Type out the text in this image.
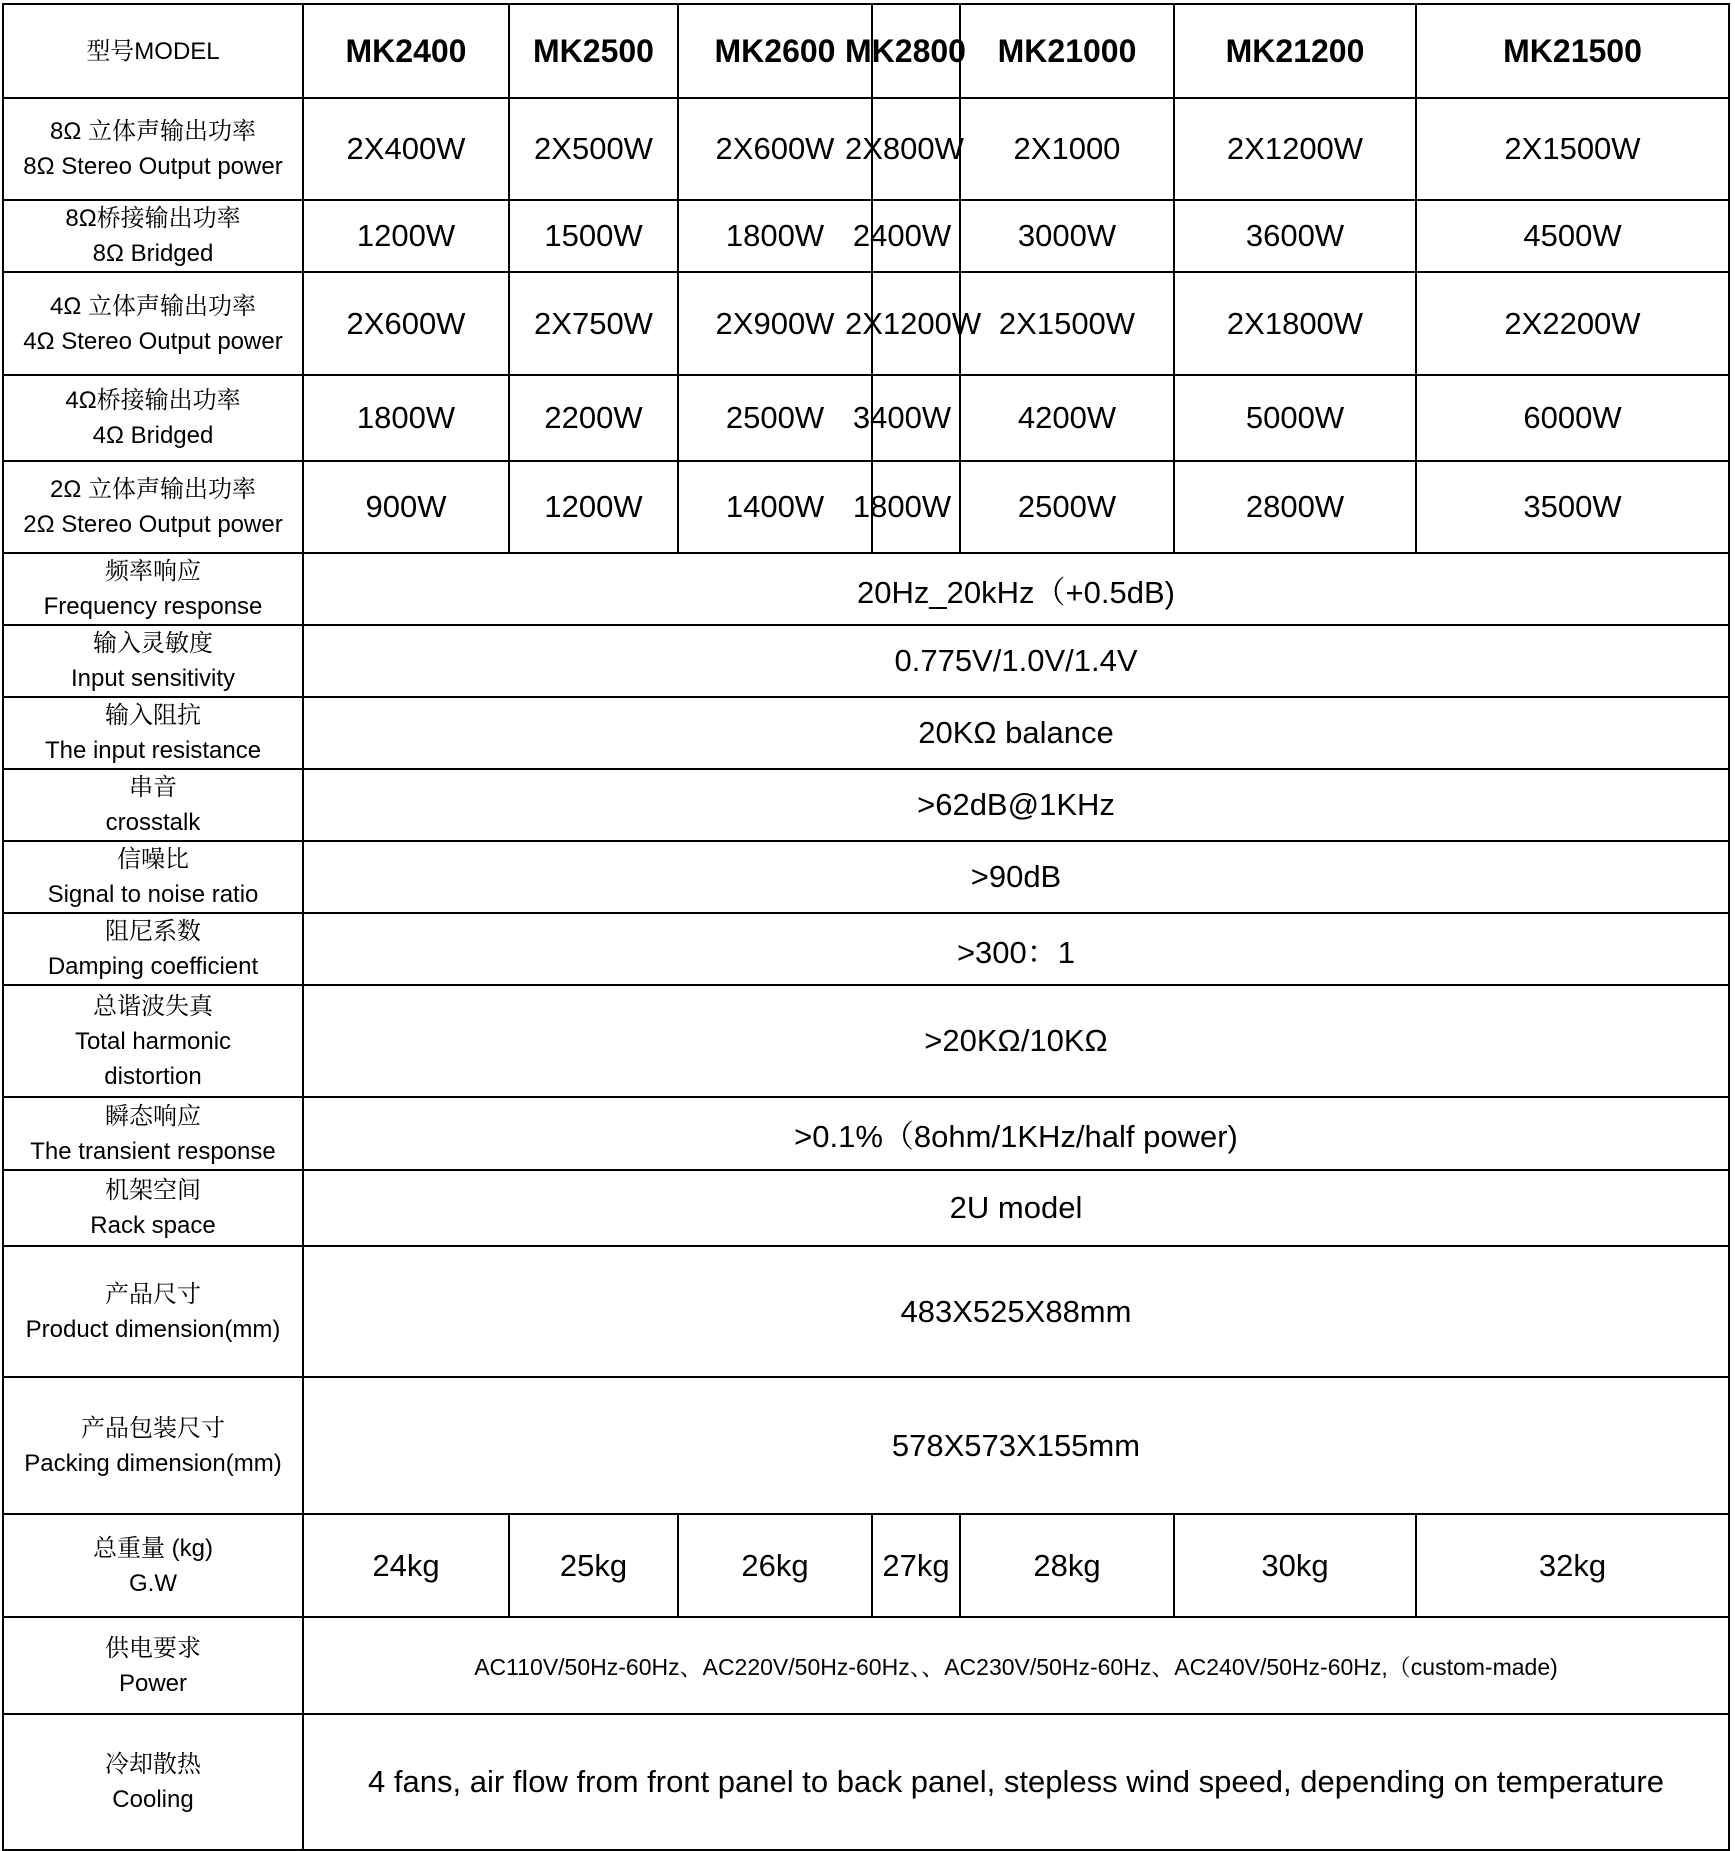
型号MODEL	MK2400	MK2500	MK2600	MK2800	MK21000	MK21200	MK21500

8Ω 立体声输出功率
8Ω Stereo Output power	2X400W	2X500W	2X600W	2X800W	2X1000	2X1200W	2X1500W

8Ω桥接输出功率
8Ω Bridged	1200W	1500W	1800W	2400W	3000W	3600W	4500W

4Ω 立体声输出功率
4Ω Stereo Output power	2X600W	2X750W	2X900W	2X1200W	2X1500W	2X1800W	2X2200W

4Ω桥接输出功率
4Ω Bridged	1800W	2200W	2500W	3400W	4200W	5000W	6000W

2Ω 立体声输出功率
2Ω Stereo Output power	900W	1200W	1400W	1800W	2500W	2800W	3500W

频率响应
Frequency response	20Hz_20kHz（+0.5dB)						

输入灵敏度
Input sensitivity	0.775V/1.0V/1.4V						

输入阻抗
The input resistance	20KΩ balance						

串音
crosstalk	>62dB@1KHz						

信噪比
Signal to noise ratio	>90dB						

阻尼系数
Damping coefficient	>300：1						

总谐波失真
Total harmonic
distortion	>20KΩ/10KΩ						

瞬态响应
The transient response	>0.1%（8ohm/1KHz/half power)						

机架空间
Rack space	2U model						

产品尺寸
Product dimension(mm)	483X525X88mm						

产品包装尺寸
Packing dimension(mm)	578X573X155mm						

总重量 (kg)
G.W	24kg	25kg	26kg	27kg	28kg	30kg	32kg

供电要求
Power	AC110V/50Hz-60Hz、AC220V/50Hz-60Hz、、AC230V/50Hz-60Hz、AC240V/50Hz-60Hz,（custom-made)						

冷却散热
Cooling	4 fans, air flow from front panel to back panel, stepless wind speed, depending on temperature						
